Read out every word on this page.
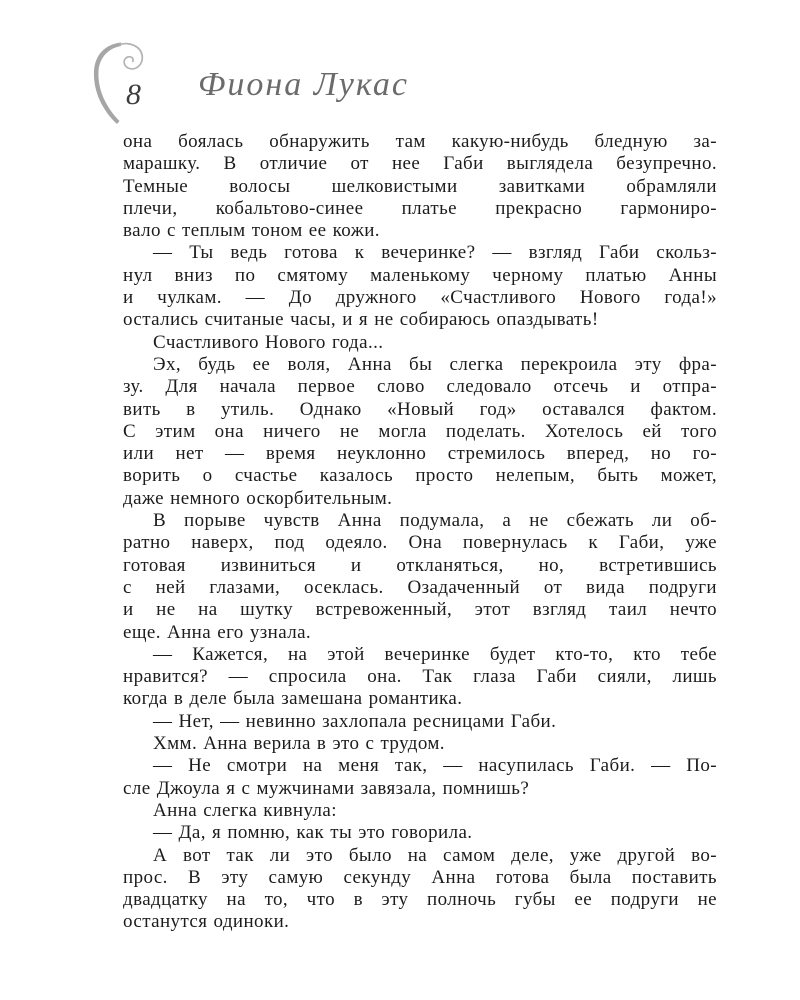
8 Фиона Лукас
она боялась обнаружить там какую-нибудь бледную за-
марашку. В отличие от нее Габи выглядела безупречно.
Темные волосы шелковистыми завитками обрамляли
плечи, кобальтово-синее платье прекрасно гармониро-
вало с теплым тоном ее кожи.
— Ты ведь готова к вечеринке? — взгляд Габи скольз-
нул вниз по смятому маленькому черному платью Анны
и чулкам. — До дружного «Счастливого Нового года!»
остались считаные часы, и я не собираюсь опаздывать!
Счастливого Нового года...
Эх, будь ее воля, Анна бы слегка перекроила эту фра-
зу. Для начала первое слово следовало отсечь и отпра-
вить в утиль. Однако «Новый год» оставался фактом.
С этим она ничего не могла поделать. Хотелось ей того
или нет — время неуклонно стремилось вперед, но го-
ворить о счастье казалось просто нелепым, быть может,
даже немного оскорбительным.
В порыве чувств Анна подумала, а не сбежать ли об-
ратно наверх, под одеяло. Она повернулась к Габи, уже
готовая извиниться и откланяться, но, встретившись
с ней глазами, осеклась. Озадаченный от вида подруги
и не на шутку встревоженный, этот взгляд таил нечто
еще. Анна его узнала.
— Кажется, на этой вечеринке будет кто-то, кто тебе
нравится? — спросила она. Так глаза Габи сияли, лишь
когда в деле была замешана романтика.
— Нет, — невинно захлопала ресницами Габи.
Хмм. Анна верила в это с трудом.
— Не смотри на меня так, — насупилась Габи. — По-
сле Джоула я с мужчинами завязала, помнишь?
Анна слегка кивнула:
— Да, я помню, как ты это говорила.
А вот так ли это было на самом деле, уже другой во-
прос. В эту самую секунду Анна готова была поставить
двадцатку на то, что в эту полночь губы ее подруги не
останутся одиноки.
